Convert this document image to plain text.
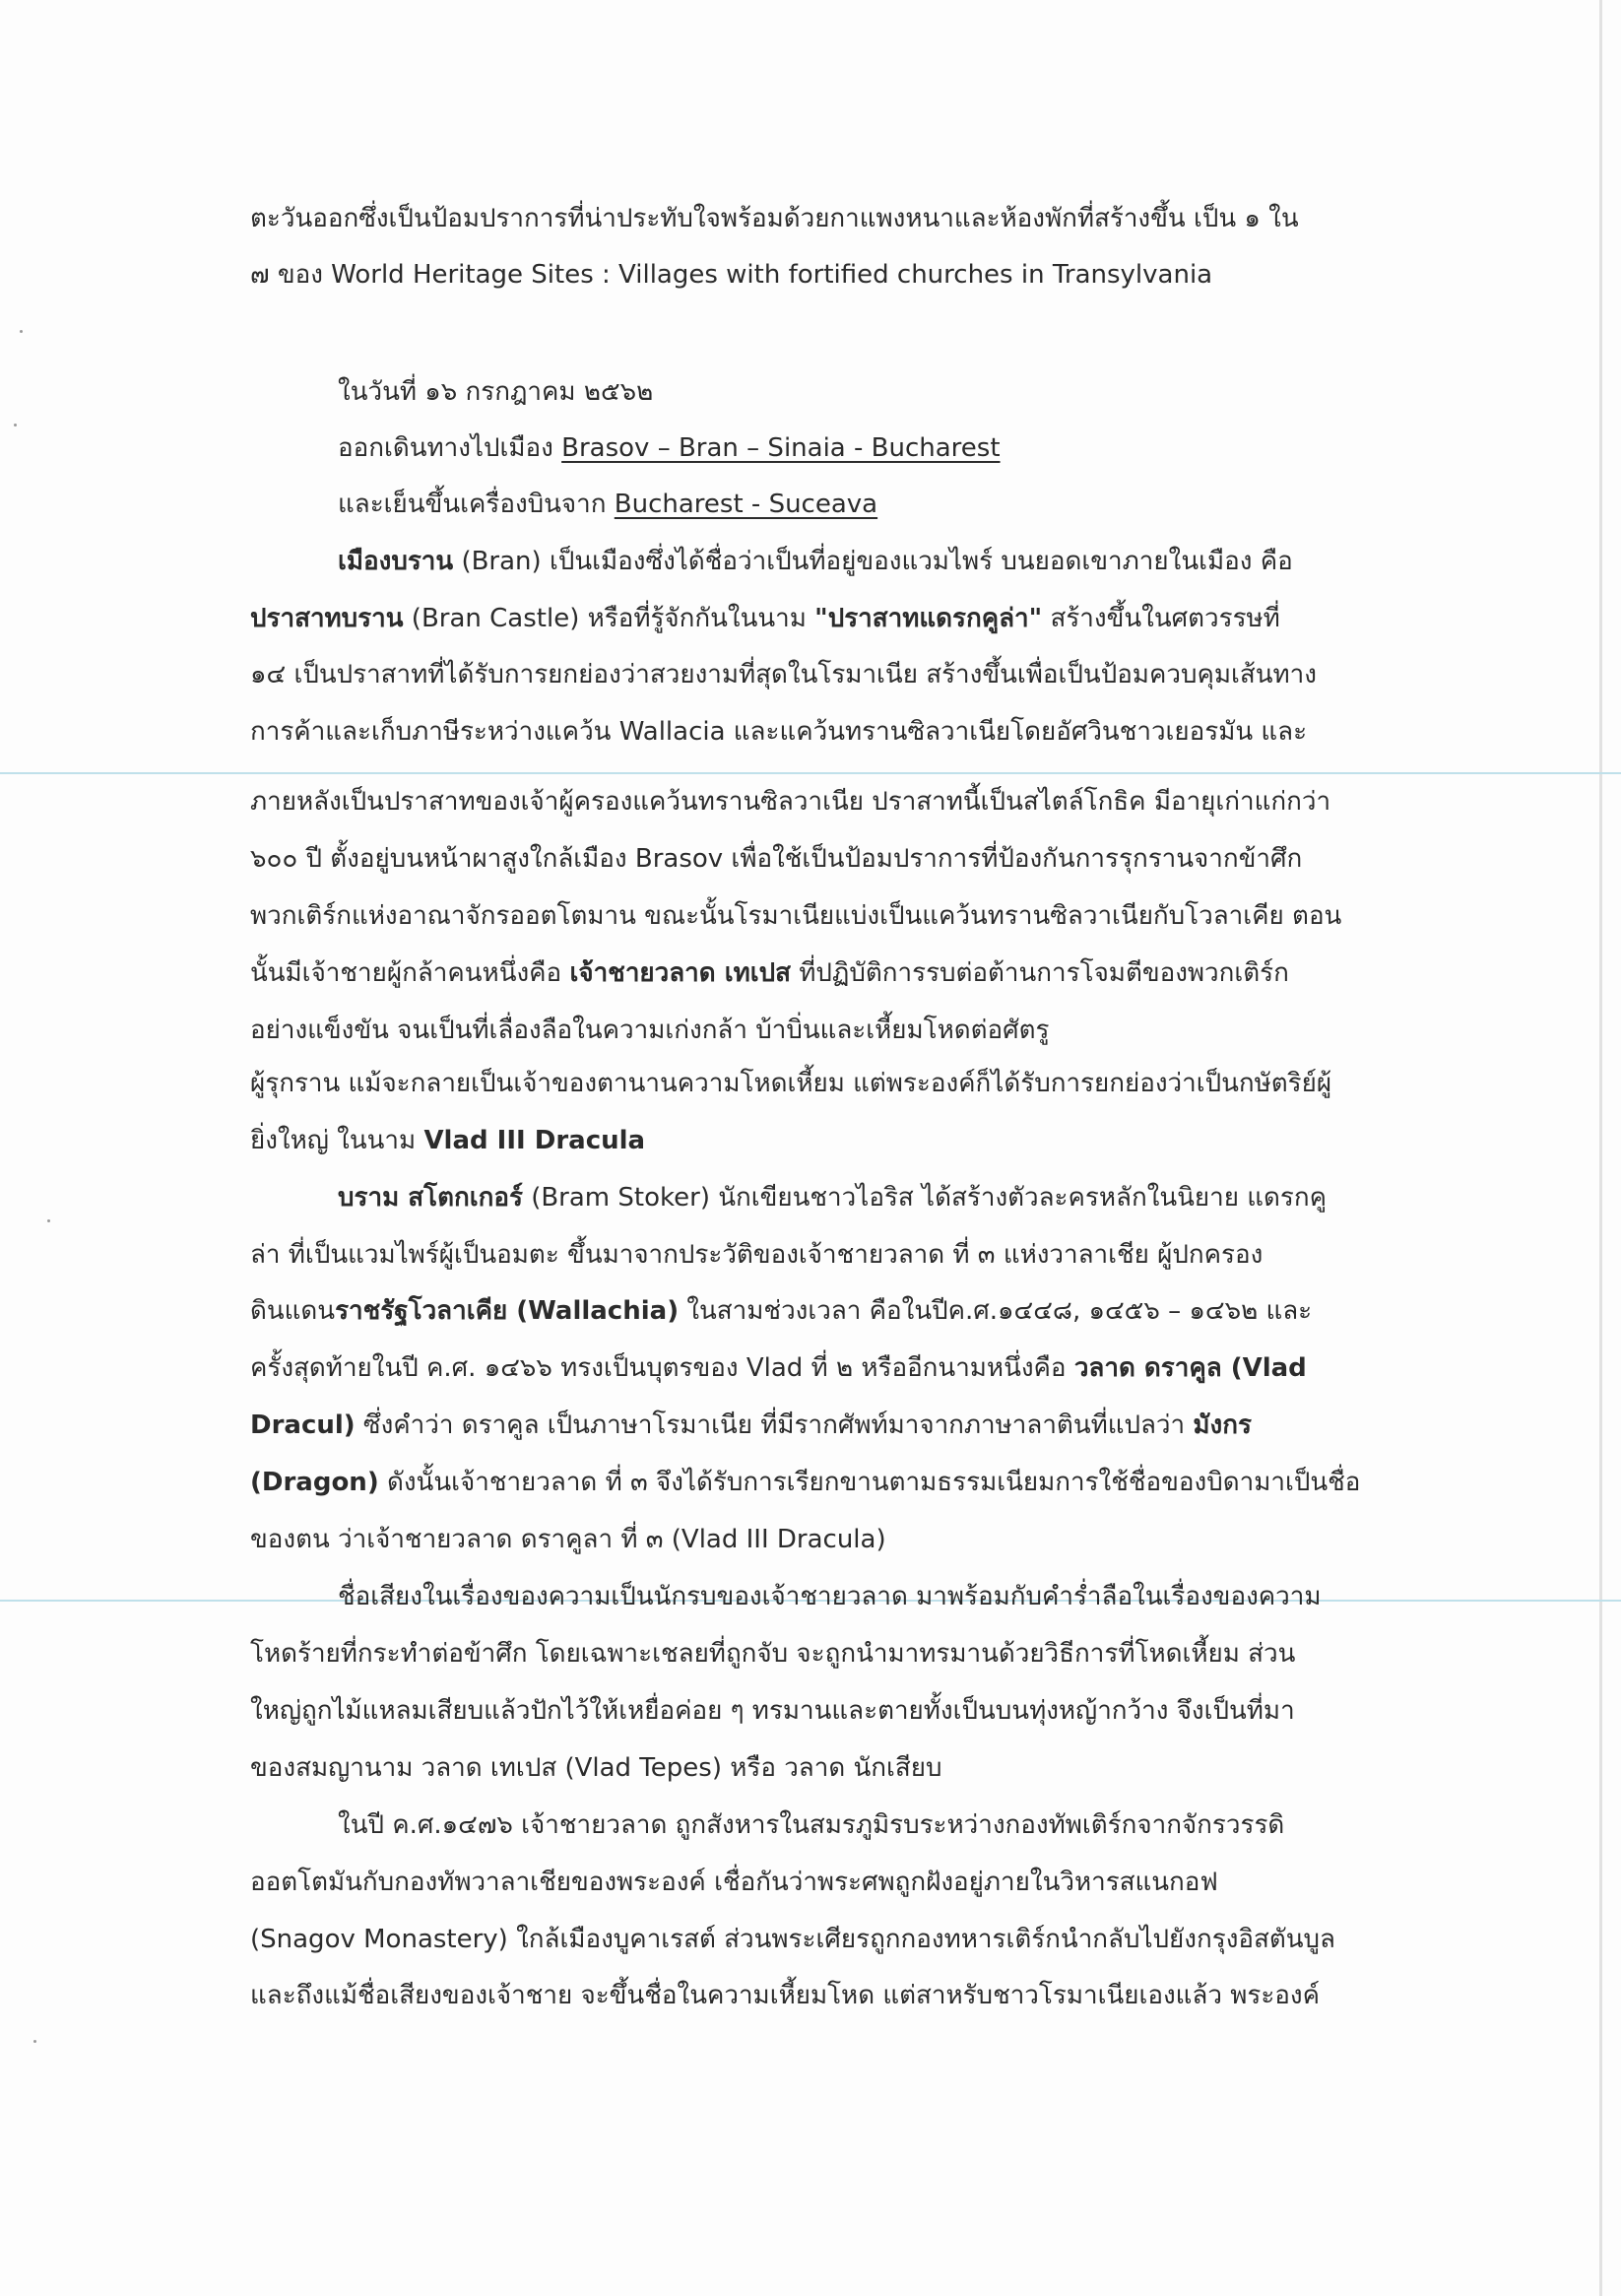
ตะวันออกซึ่งเป็นป้อมปราการที่น่าประทับใจพร้อมด้วยกาแพงหนาและห้องพักที่สร้างขึ้น เป็น ๑ ใน
๗ ของ World Heritage Sites : Villages with fortified churches in Transylvania
ในวันที่ ๑๖ กรกฎาคม ๒๕๖๒
ออกเดินทางไปเมือง Brasov – Bran – Sinaia - Bucharest
และเย็นขึ้นเครื่องบินจาก Bucharest - Suceava
เมืองบราน (Bran) เป็นเมืองซึ่งได้ชื่อว่าเป็นที่อยู่ของแวมไพร์ บนยอดเขาภายในเมือง คือ
ปราสาทบราน (Bran Castle) หรือที่รู้จักกันในนาม "ปราสาทแดรกคูล่า" สร้างขึ้นในศตวรรษที่
๑๔ เป็นปราสาทที่ได้รับการยกย่องว่าสวยงามที่สุดในโรมาเนีย สร้างขึ้นเพื่อเป็นป้อมควบคุมเส้นทาง
การค้าและเก็บภาษีระหว่างแคว้น Wallacia และแคว้นทรานซิลวาเนียโดยอัศวินชาวเยอรมัน และ
ภายหลังเป็นปราสาทของเจ้าผู้ครองแคว้นทรานซิลวาเนีย ปราสาทนี้เป็นสไตล์โกธิค มีอายุเก่าแก่กว่า
๖๐๐ ปี ตั้งอยู่บนหน้าผาสูงใกล้เมือง Brasov เพื่อใช้เป็นป้อมปราการที่ป้องกันการรุกรานจากข้าศึก
พวกเติร์กแห่งอาณาจักรออตโตมาน ขณะนั้นโรมาเนียแบ่งเป็นแคว้นทรานซิลวาเนียกับโวลาเคีย ตอน
นั้นมีเจ้าชายผู้กล้าคนหนึ่งคือ เจ้าชายวลาด เทเปส ที่ปฏิบัติการรบต่อต้านการโจมตีของพวกเติร์ก
อย่างแข็งขัน จนเป็นที่เลื่องลือในความเก่งกล้า บ้าบิ่นและเหี้ยมโหดต่อศัตรู
ผู้รุกราน แม้จะกลายเป็นเจ้าของตานานความโหดเหี้ยม แต่พระองค์ก็ได้รับการยกย่องว่าเป็นกษัตริย์ผู้
ยิ่งใหญ่ ในนาม Vlad III Dracula
บราม สโตกเกอร์ (Bram Stoker) นักเขียนชาวไอริส ได้สร้างตัวละครหลักในนิยาย แดรกคู
ล่า ที่เป็นแวมไพร์ผู้เป็นอมตะ ขึ้นมาจากประวัติของเจ้าชายวลาด ที่ ๓ แห่งวาลาเชีย ผู้ปกครอง
ดินแดนราชรัฐโวลาเคีย (Wallachia) ในสามช่วงเวลา คือในปีค.ศ.๑๔๔๘, ๑๔๕๖ – ๑๔๖๒ และ
ครั้งสุดท้ายในปี ค.ศ. ๑๔๖๖ ทรงเป็นบุตรของ Vlad ที่ ๒ หรืออีกนามหนึ่งคือ วลาด ดราคูล (Vlad
Dracul) ซึ่งคำว่า ดราคูล เป็นภาษาโรมาเนีย ที่มีรากศัพท์มาจากภาษาลาตินที่แปลว่า มังกร
(Dragon) ดังนั้นเจ้าชายวลาด ที่ ๓ จึงได้รับการเรียกขานตามธรรมเนียมการใช้ชื่อของบิดามาเป็นชื่อ
ของตน ว่าเจ้าชายวลาด ดราคูลา ที่ ๓ (Vlad III Dracula)
ชื่อเสียงในเรื่องของความเป็นนักรบของเจ้าชายวลาด มาพร้อมกับคำร่ำลือในเรื่องของความ
โหดร้ายที่กระทำต่อข้าศึก โดยเฉพาะเชลยที่ถูกจับ จะถูกนำมาทรมานด้วยวิธีการที่โหดเหี้ยม ส่วน
ใหญ่ถูกไม้แหลมเสียบแล้วปักไว้ให้เหยื่อค่อย ๆ ทรมานและตายทั้งเป็นบนทุ่งหญ้ากว้าง จึงเป็นที่มา
ของสมญานาม วลาด เทเปส (Vlad Tepes) หรือ วลาด นักเสียบ
ในปี ค.ศ.๑๔๗๖ เจ้าชายวลาด ถูกสังหารในสมรภูมิรบระหว่างกองทัพเติร์กจากจักรวรรดิ
ออตโตมันกับกองทัพวาลาเชียของพระองค์ เชื่อกันว่าพระศพถูกฝังอยู่ภายในวิหารสแนกอฟ
(Snagov Monastery) ใกล้เมืองบูคาเรสต์ ส่วนพระเศียรถูกกองทหารเติร์กนำกลับไปยังกรุงอิสตันบูล
และถึงแม้ชื่อเสียงของเจ้าชาย จะขึ้นชื่อในความเหี้ยมโหด แต่สาหรับชาวโรมาเนียเองแล้ว พระองค์
